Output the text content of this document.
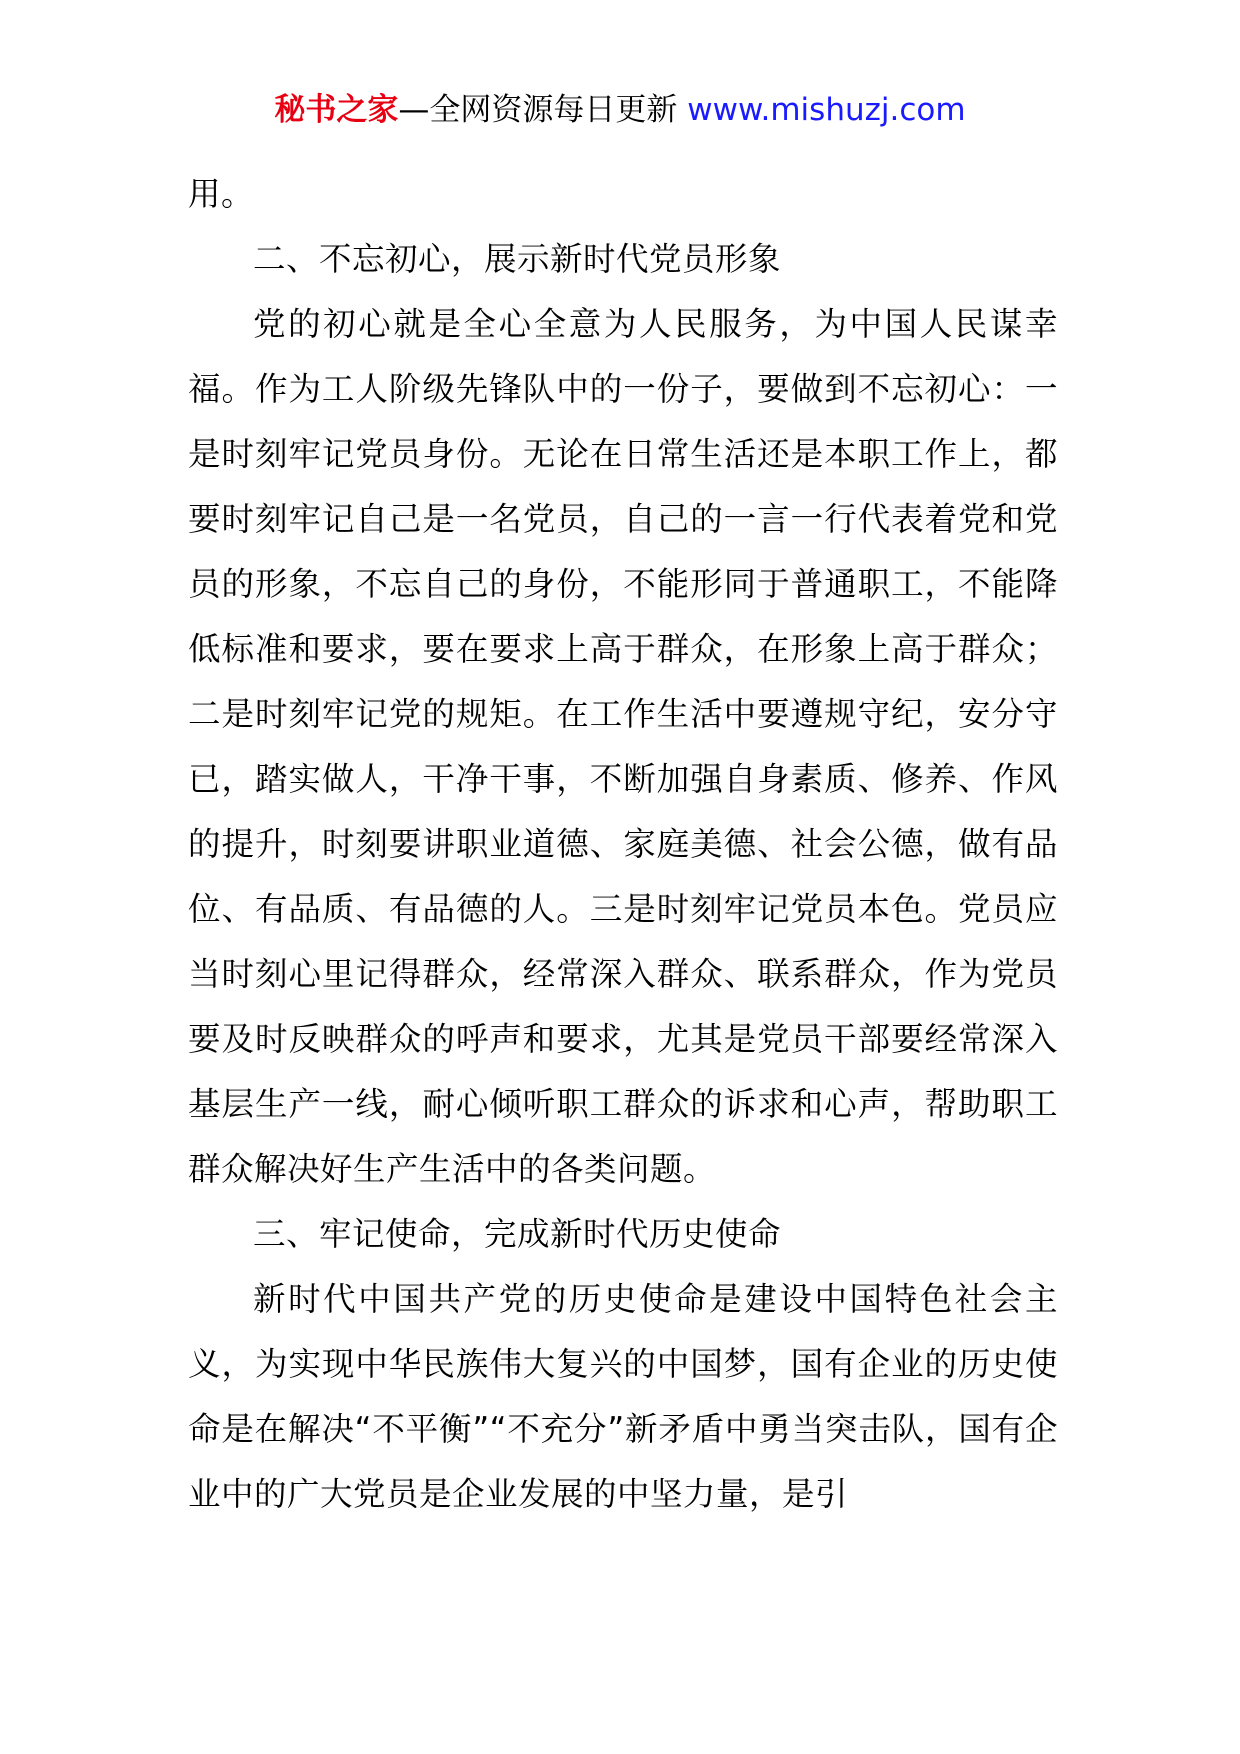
秘书之家—全网资源每日更新 www.mishuzj.com

用。

二、不忘初心，展示新时代党员形象

党的初心就是全心全意为人民服务，为中国人民谋幸福。作为工人阶级先锋队中的一份子，要做到不忘初心：一是时刻牢记党员身份。无论在日常生活还是本职工作上，都要时刻牢记自己是一名党员，自己的一言一行代表着党和党员的形象，不忘自己的身份，不能形同于普通职工，不能降低标准和要求，要在要求上高于群众，在形象上高于群众；二是时刻牢记党的规矩。在工作生活中要遵规守纪，安分守已，踏实做人，干净干事，不断加强自身素质、修养、作风的提升，时刻要讲职业道德、家庭美德、社会公德，做有品位、有品质、有品德的人。三是时刻牢记党员本色。党员应当时刻心里记得群众，经常深入群众、联系群众，作为党员要及时反映群众的呼声和要求，尤其是党员干部要经常深入基层生产一线，耐心倾听职工群众的诉求和心声，帮助职工群众解决好生产生活中的各类问题。

三、牢记使命，完成新时代历史使命

新时代中国共产党的历史使命是建设中国特色社会主义，为实现中华民族伟大复兴的中国梦，国有企业的历史使命是在解决“不平衡”“不充分”新矛盾中勇当突击队，国有企业中的广大党员是企业发展的中坚力量，是引
